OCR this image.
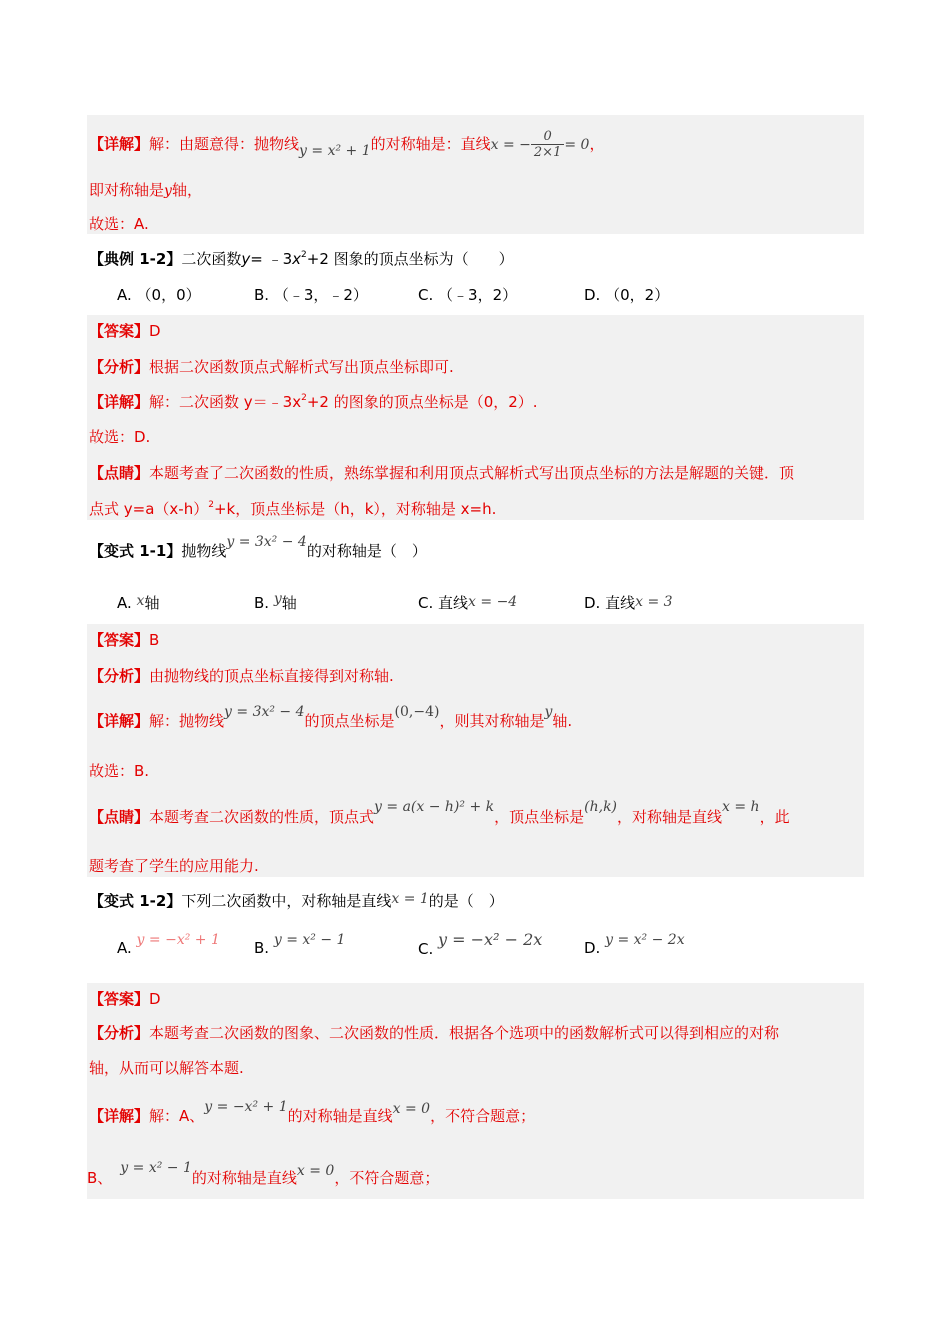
【详解】解：由题意得：抛物线y = x² + 1的对称轴是：直线x = − $\frac{0}{2\times 1} = 0$，
即对称轴是y轴，
故选：A.
【典例 1-2】二次函数$y= ﹣3x^2+2$ 图象的顶点坐标为（　　）
A. （0，0）	B. （﹣3，﹣2）	C. （﹣3，2）	D. （0，2）
【答案】D
【分析】根据二次函数顶点式解析式写出顶点坐标即可.
【详解】解：二次函数 $y=﹣3x^2+2$ 的图象的顶点坐标是（0，2）.
故选：D.
【点睛】本题考查了二次函数的性质，熟练掌握和利用顶点式解析式写出顶点坐标的方法是解题的关键．顶
点式 $y=a(x-h)^2+k$，顶点坐标是（h，k），对称轴是 x=h.
【变式 1-1】抛物线y = 3x² − 4的对称轴是（　）
A. x轴	B. y轴	C. 直线x = −4	D. 直线x = 3
【答案】B
【分析】由抛物线的顶点坐标直接得到对称轴.
【详解】解：抛物线y = 3x² − 4的顶点坐标是(0,−4)，则其对称轴是y轴.
故选：B.
【点睛】本题考查二次函数的性质，顶点式y = a(x − h)² + k，顶点坐标是(h,k)，对称轴是直线x = h，此
题考查了学生的应用能力.
【变式 1-2】下列二次函数中，对称轴是直线x = 1的是（　）
A. y = −x² + 1 B. y = x² − 1	C. y = −x² − 2x	D. y = x² − 2x
【答案】D
【分析】本题考查二次函数的图象、二次函数的性质．根据各个选项中的函数解析式可以得到相应的对称
轴，从而可以解答本题.
【详解】解：A、y = −x² + 1的对称轴是直线x = 0，不符合题意；
B、y = x² − 1的对称轴是直线x = 0，不符合题意；
